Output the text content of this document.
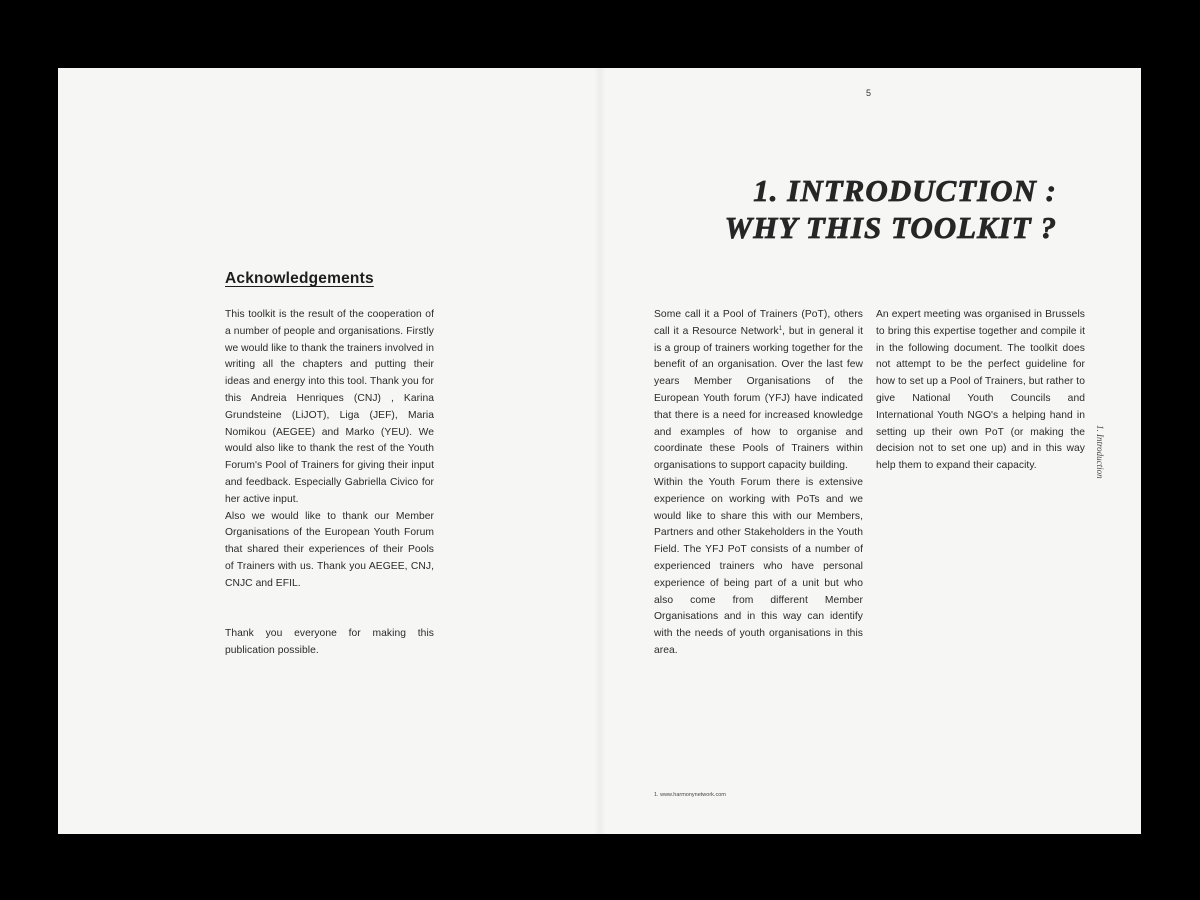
Acknowledgements

This toolkit is the result of the cooperation of a number of people and organisations. Firstly we would like to thank the trainers involved in writing all the chapters and putting their ideas and energy into this tool. Thank you for this Andreia Henriques (CNJ) , Karina Grundsteine (LiJOT), Liga (JEF), Maria Nomikou (AEGEE) and Marko (YEU). We would also like to thank the rest of the Youth Forum's Pool of Trainers for giving their input and feedback. Especially Gabriella Civico for her active input.

Also we would like to thank our Member Organisations of the European Youth Forum that shared their experiences of their Pools of Trainers with us. Thank you AEGEE, CNJ, CNJC and EFIL.

Thank you everyone for making this publication possible.

5
1. INTRODUCTION :
WHY THIS TOOLKIT ?

Some call it a Pool of Trainers (PoT), others call it a Resource Network$^1$, but in general it is a group of trainers working together for the benefit of an organisation. Over the last few years Member Organisations of the European Youth forum (YFJ) have indicated that there is a need for increased knowledge and examples of how to organise and coordinate these Pools of Trainers within organisations to support capacity building.

Within the Youth Forum there is extensive experience on working with PoTs and we would like to share this with our Members, Partners and other Stakeholders in the Youth Field. The YFJ PoT consists of a number of experienced trainers who have personal experience of being part of a unit but who also come from different Member Organisations and in this way can identify with the needs of youth organisations in this area.

An expert meeting was organised in Brussels to bring this expertise together and compile it in the following document. The toolkit does not attempt to be the perfect guideline for how to set up a Pool of Trainers, but rather to give National Youth Councils and International Youth NGO's a helping hand in setting up their own PoT (or making the decision not to set one up) and in this way help them to expand their capacity.

1. www.harmonynetwork.com
1. Introduction
